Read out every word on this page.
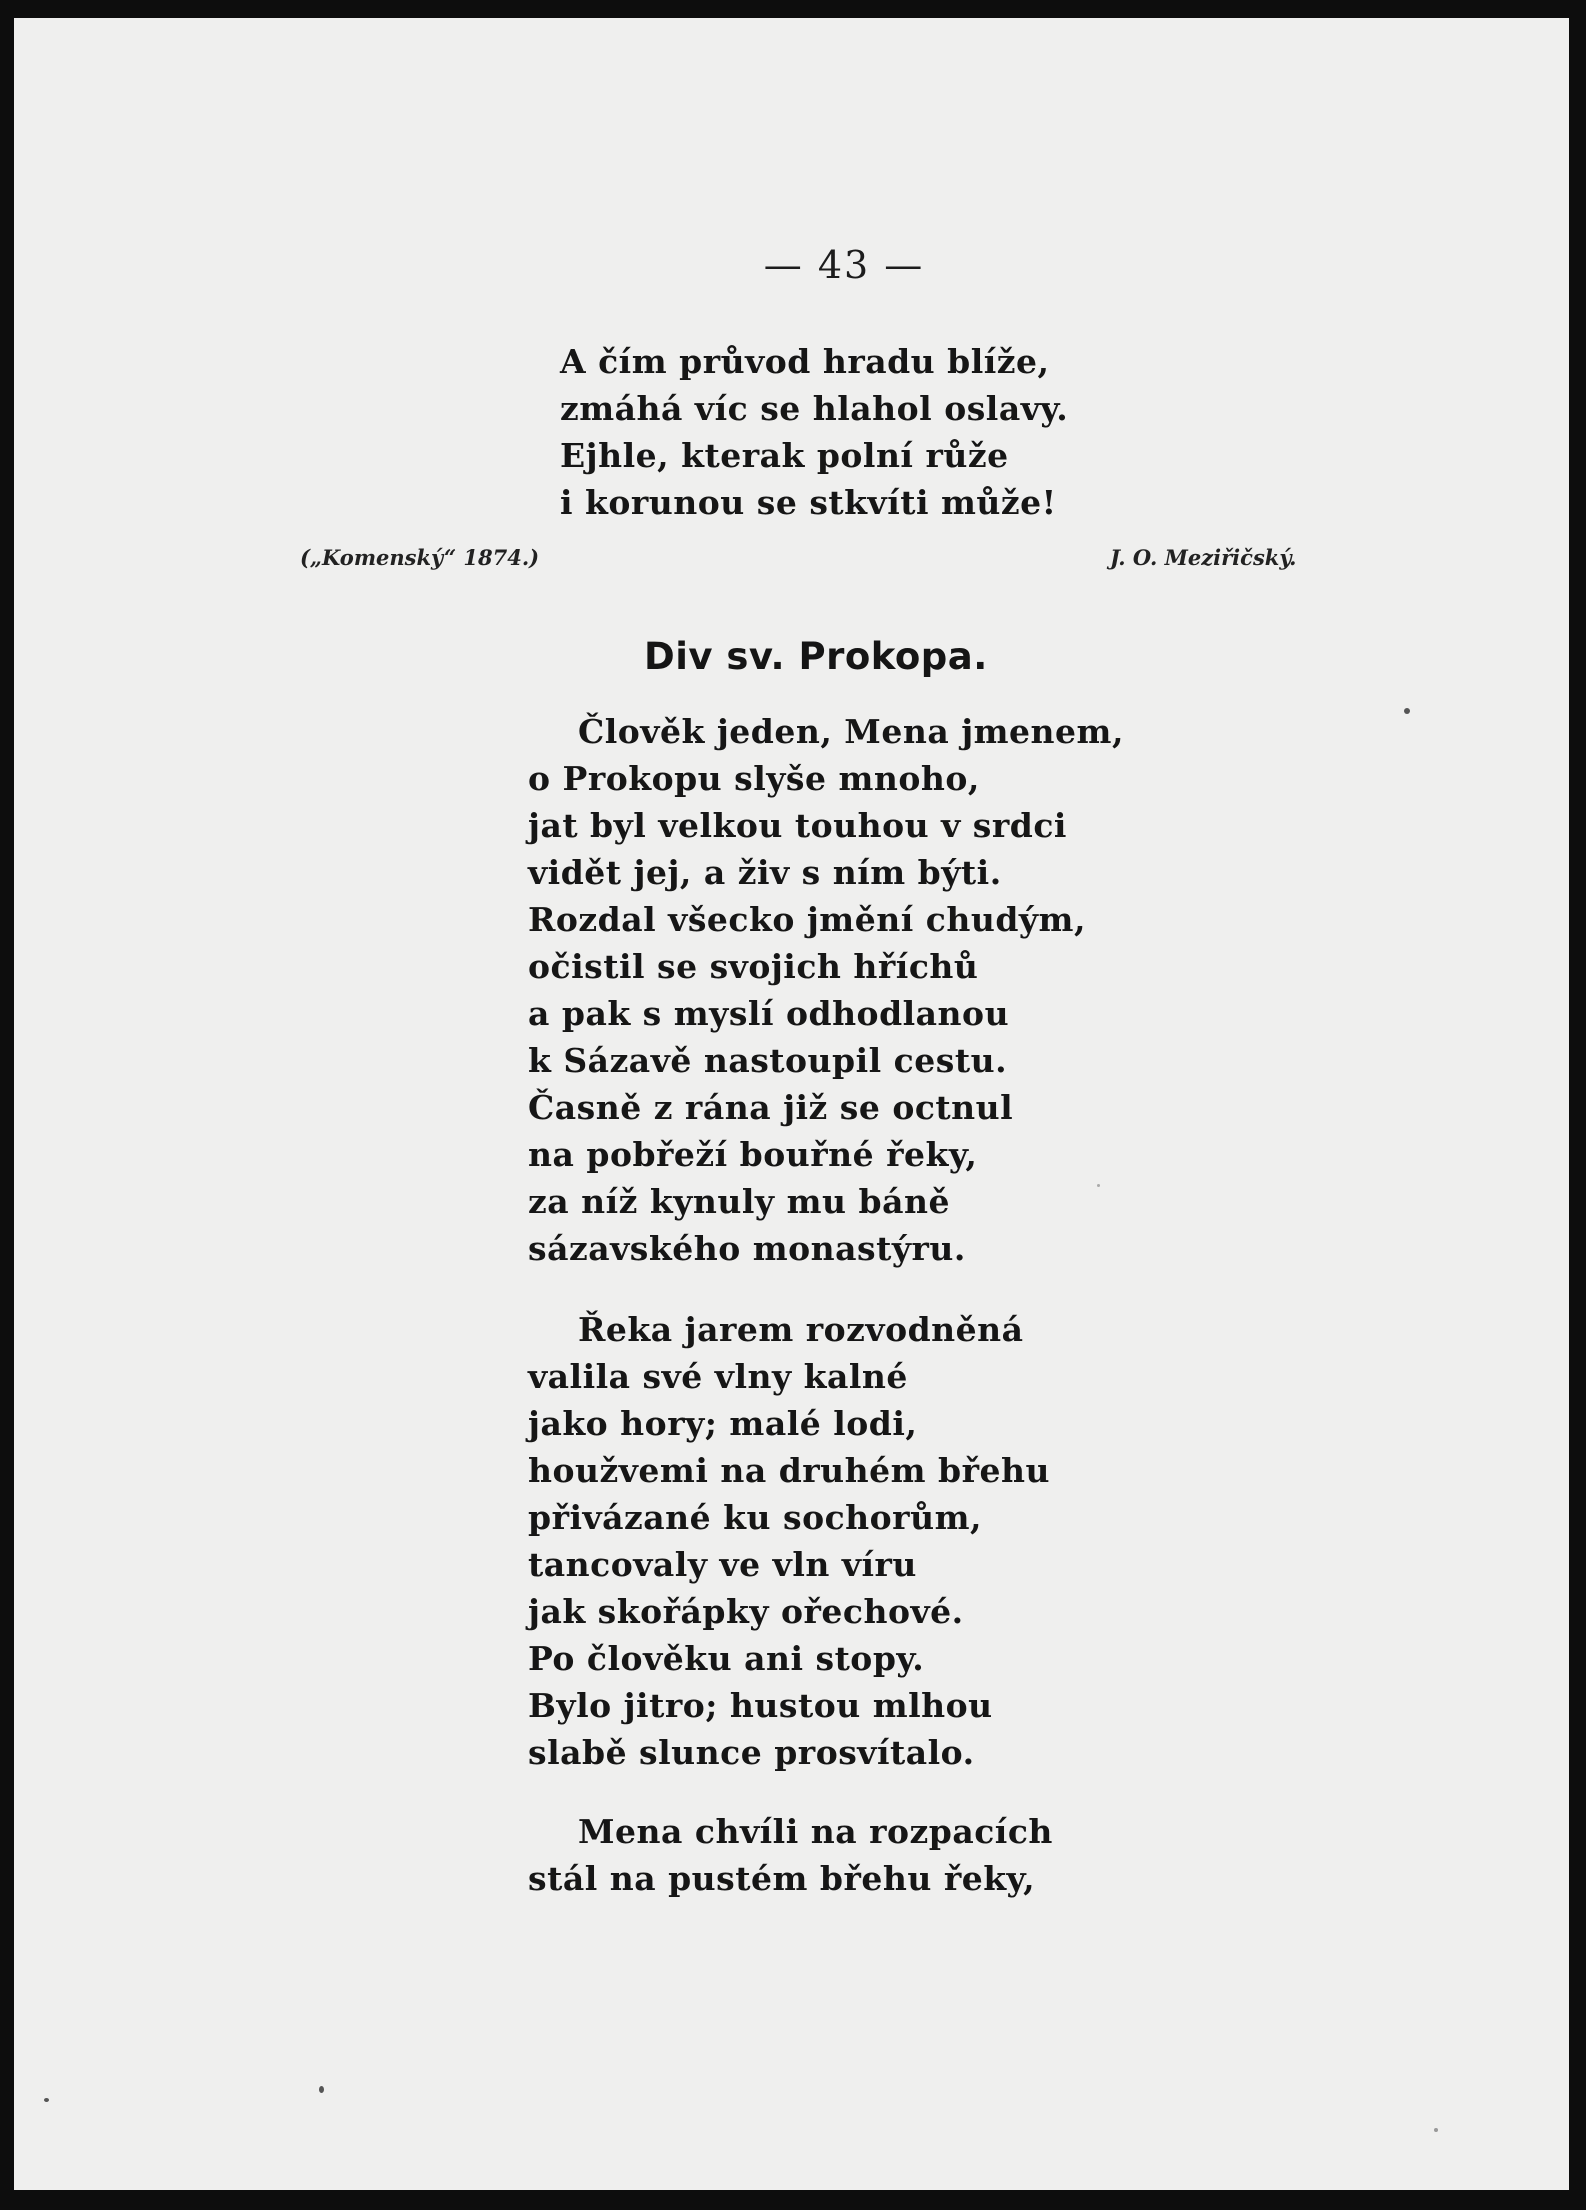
— 43 —
A čím průvod hradu blíže,
zmáhá víc se hlahol oslavy.
Ejhle, kterak polní růže
i korunou se stkvíti může!
(„Komenský“ 1874.)	J. O. Meziřičský.
Div sv. Prokopa.
Člověk jeden, Mena jmenem,
o Prokopu slyše mnoho,
jat byl velkou touhou v srdci
vidět jej, a živ s ním býti.
Rozdal všecko jmění chudým,
očistil se svojich hříchů
a pak s myslí odhodlanou
k Sázavě nastoupil cestu.
Časně z rána již se octnul
na pobřeží bouřné řeky,
za níž kynuly mu báně
sázavského monastýru.
Řeka jarem rozvodněná
valila své vlny kalné
jako hory; malé lodi,
houžvemi na druhém břehu
přivázané ku sochorům,
tancovaly ve vln víru
jak skořápky ořechové.
Po člověku ani stopy.
Bylo jitro; hustou mlhou
slabě slunce prosvítalo.
Mena chvíli na rozpacích
stál na pustém břehu řeky,
